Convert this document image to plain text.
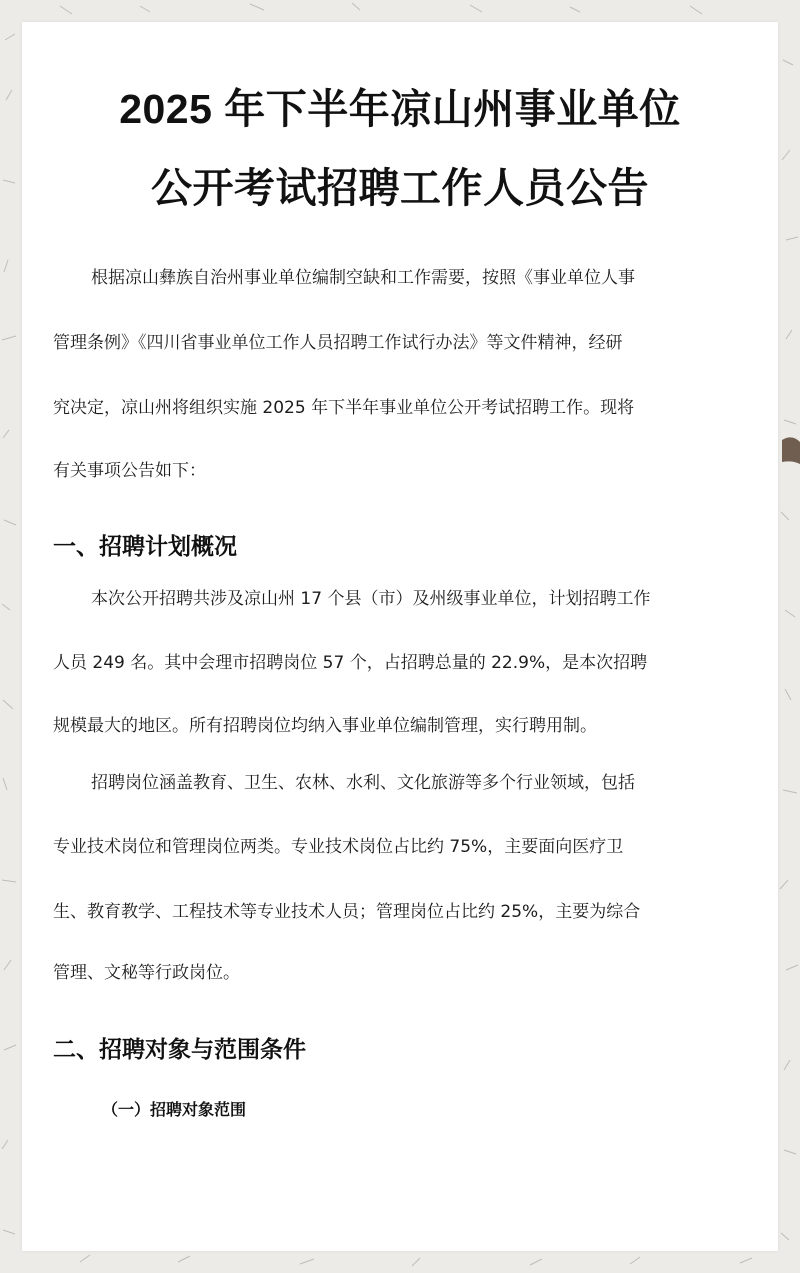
2025 年下半年凉山州事业单位
公开考试招聘工作人员公告
根据凉山彝族自治州事业单位编制空缺和工作需要，按照《事业单位人事
管理条例》《四川省事业单位工作人员招聘工作试行办法》等文件精神，经研
究决定，凉山州将组织实施 2025 年下半年事业单位公开考试招聘工作。现将
有关事项公告如下：
一、招聘计划概况
本次公开招聘共涉及凉山州 17 个县（市）及州级事业单位，计划招聘工作
人员 249 名。其中会理市招聘岗位 57 个，占招聘总量的 22.9%，是本次招聘
规模最大的地区。所有招聘岗位均纳入事业单位编制管理，实行聘用制。
招聘岗位涵盖教育、卫生、农林、水利、文化旅游等多个行业领域，包括
专业技术岗位和管理岗位两类。专业技术岗位占比约 75%，主要面向医疗卫
生、教育教学、工程技术等专业技术人员；管理岗位占比约 25%，主要为综合
管理、文秘等行政岗位。
二、招聘对象与范围条件
（一）招聘对象范围
